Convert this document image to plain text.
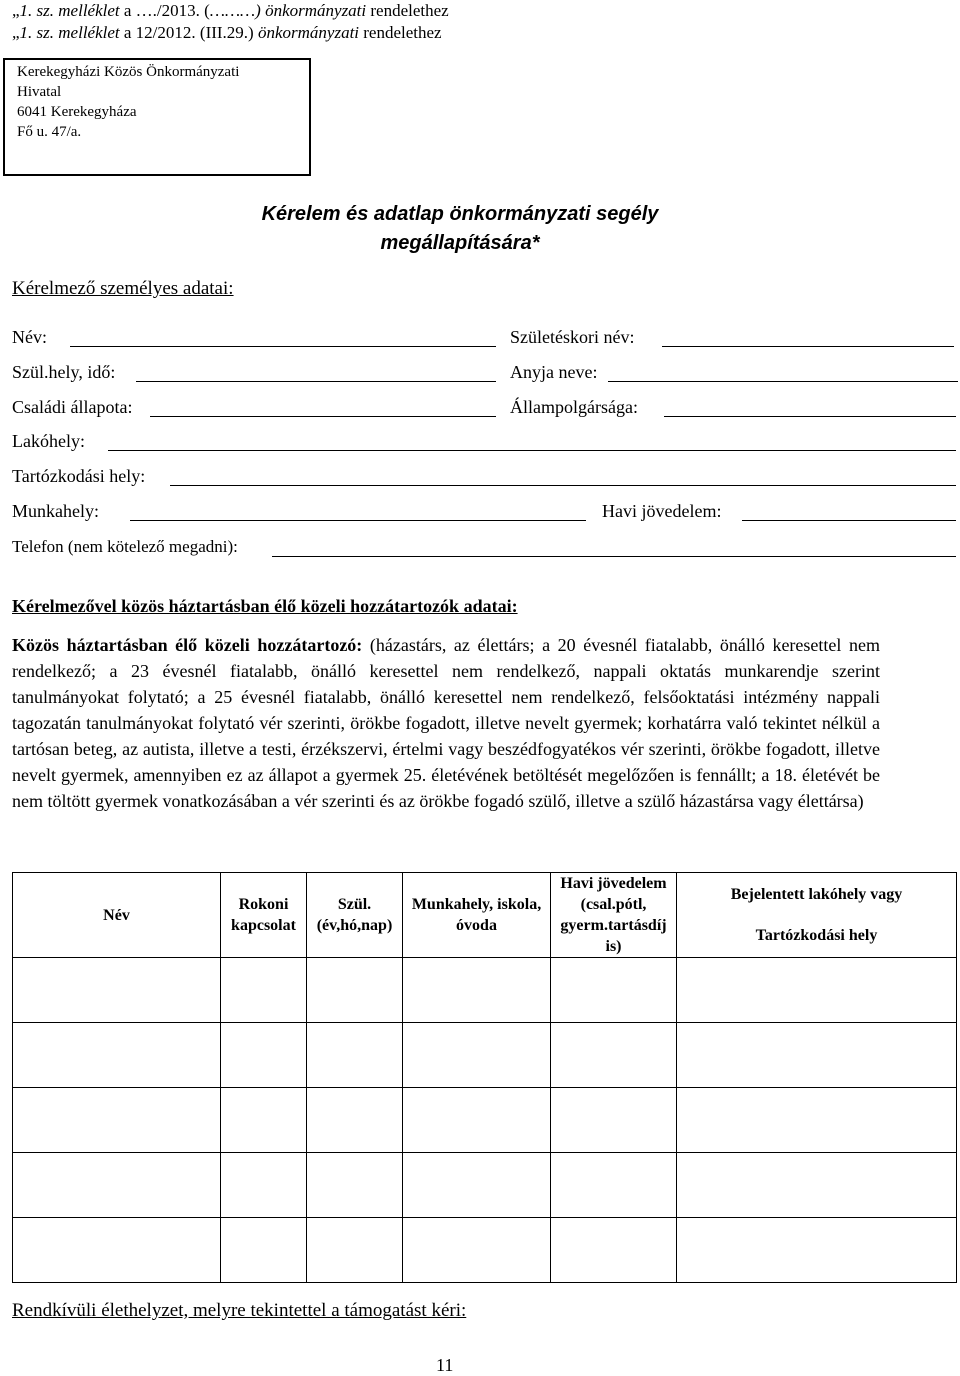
„1. sz. melléklet a …./2013. (………) önkormányzati rendelethez
„1. sz. melléklet a 12/2012. (III.29.) önkormányzati rendelethez
Kerekegyházi Közös Önkormányzati
Hivatal
6041 Kerekegyháza
Fő u. 47/a.
Kérelem és adatlap önkormányzati segély
megállapítására*
Kérelmező személyes adatai:
Név:	Születéskori név:
Szül.hely, idő:	Anyja neve:
Családi állapota:	Állampolgársága:
Lakóhely:
Tartózkodási hely:
Munkahely:	Havi jövedelem:
Telefon (nem kötelező megadni):
Kérelmezővel közös háztartásban élő közeli hozzátartozók adatai:
Közös háztartásban élő közeli hozzátartozó: (házastárs, az élettárs; a 20 évesnél fiatalabb, önálló keresettel nem rendelkező; a 23 évesnél fiatalabb, önálló keresettel nem rendelkező, nappali oktatás munkarendje szerint tanulmányokat folytató; a 25 évesnél fiatalabb, önálló keresettel nem rendelkező, felsőoktatási intézmény nappali tagozatán tanulmányokat folytató vér szerinti, örökbe fogadott, illetve nevelt gyermek; korhatárra való tekintet nélkül a tartósan beteg, az autista, illetve a testi, érzékszervi, értelmi vagy beszédfogyatékos vér szerinti, örökbe fogadott, illetve nevelt gyermek, amennyiben ez az állapot a gyermek 25. életévének betöltését megelőzően is fennállt; a 18. életévét be nem töltött gyermek vonatkozásában a vér szerinti és az örökbe fogadó szülő, illetve a szülő házastársa vagy élettársa)
Név	Rokoni kapcsolat	Szül. (év,hó,nap)	Munkahely, iskola, óvoda	Havi jövedelem (csal.pótl, gyerm.tartásdíj is)	Bejelentett lakóhely vagy
Tartózkodási hely

Rendkívüli élethelyzet, melyre tekintettel a támogatást kéri:
11
